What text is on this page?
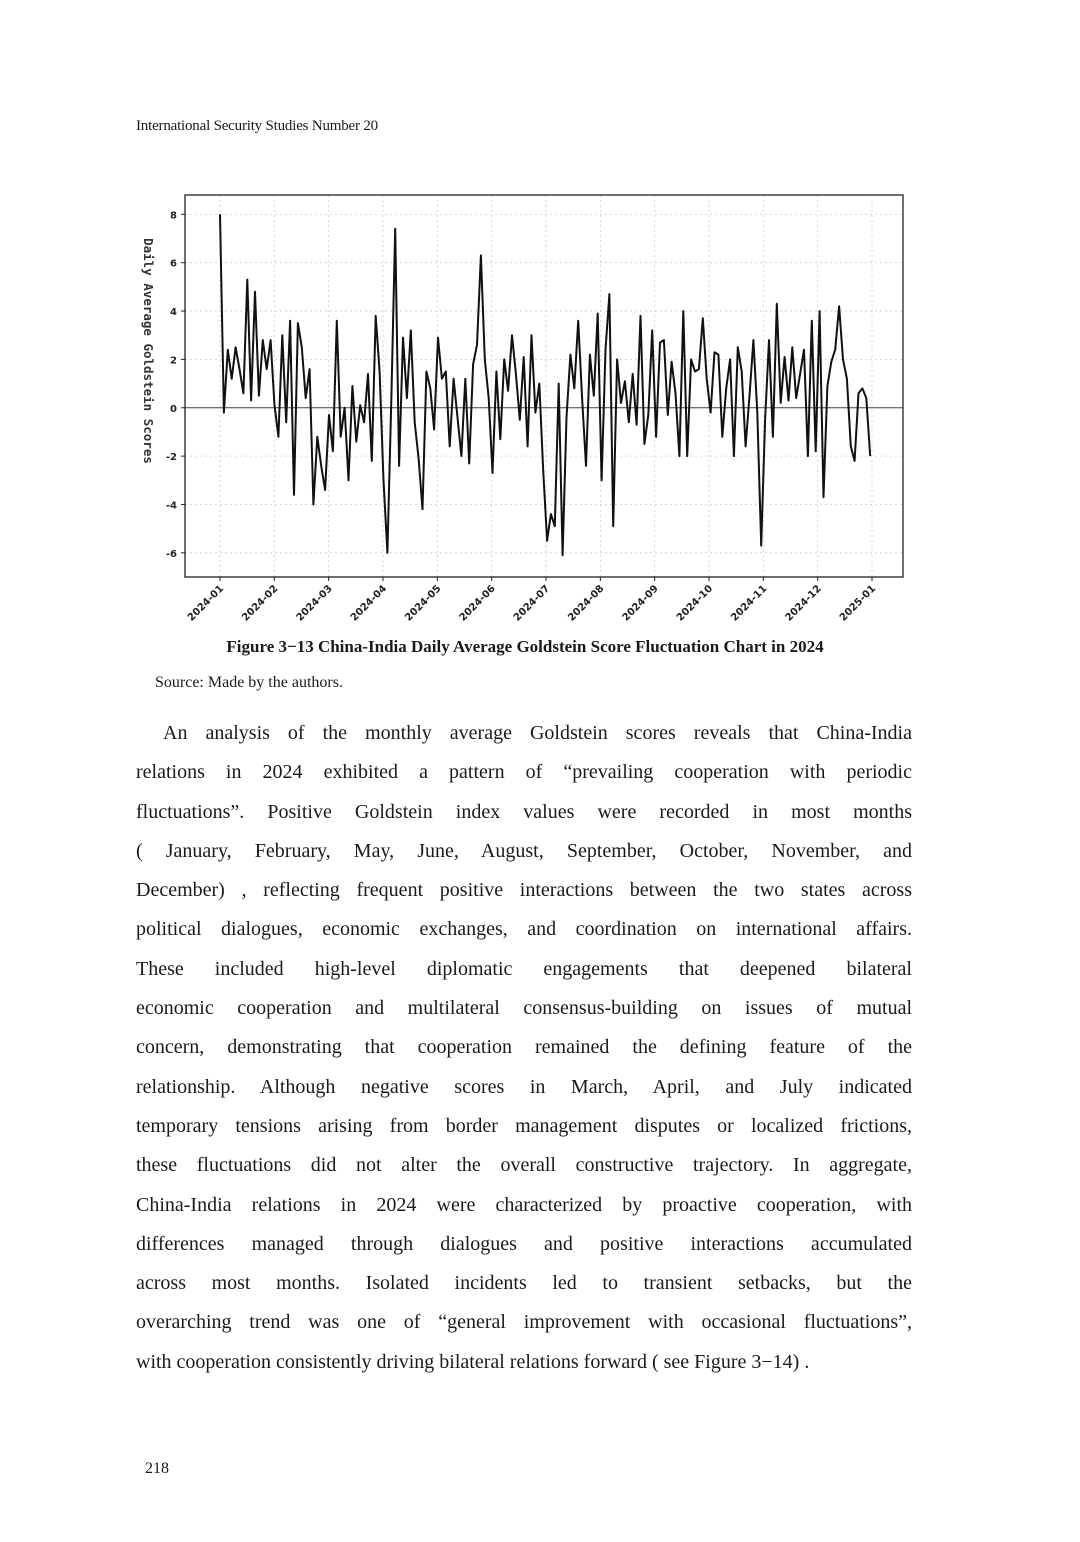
International Security Studies Number 20
-6
-4
-2
0
2
4
6
8
2024-01 2024-02 2024-03 2024-04 2024-05 2024-06 2024-07 2024-08 2024-09 2024-10 2024-11 2024-12 2025-01
Daily Average Goldstein Scores
Figure 3−13 China-India Daily Average Goldstein Score Fluctuation Chart in 2024
Source: Made by the authors.
An analysis of the monthly average Goldstein scores reveals that China-India
relations in 2024 exhibited a pattern of “prevailing cooperation with periodic
fluctuations”. Positive Goldstein index values were recorded in most months
( January, February, May, June, August, September, October, November, and
December) , reflecting frequent positive interactions between the two states across
political dialogues, economic exchanges, and coordination on international affairs.
These included high-level diplomatic engagements that deepened bilateral
economic cooperation and multilateral consensus-building on issues of mutual
concern, demonstrating that cooperation remained the defining feature of the
relationship. Although negative scores in March, April, and July indicated
temporary tensions arising from border management disputes or localized frictions,
these fluctuations did not alter the overall constructive trajectory. In aggregate,
China-India relations in 2024 were characterized by proactive cooperation, with
differences managed through dialogues and positive interactions accumulated
across most months. Isolated incidents led to transient setbacks, but the
overarching trend was one of “general improvement with occasional fluctuations”,
with cooperation consistently driving bilateral relations forward ( see Figure 3−14) .
218
